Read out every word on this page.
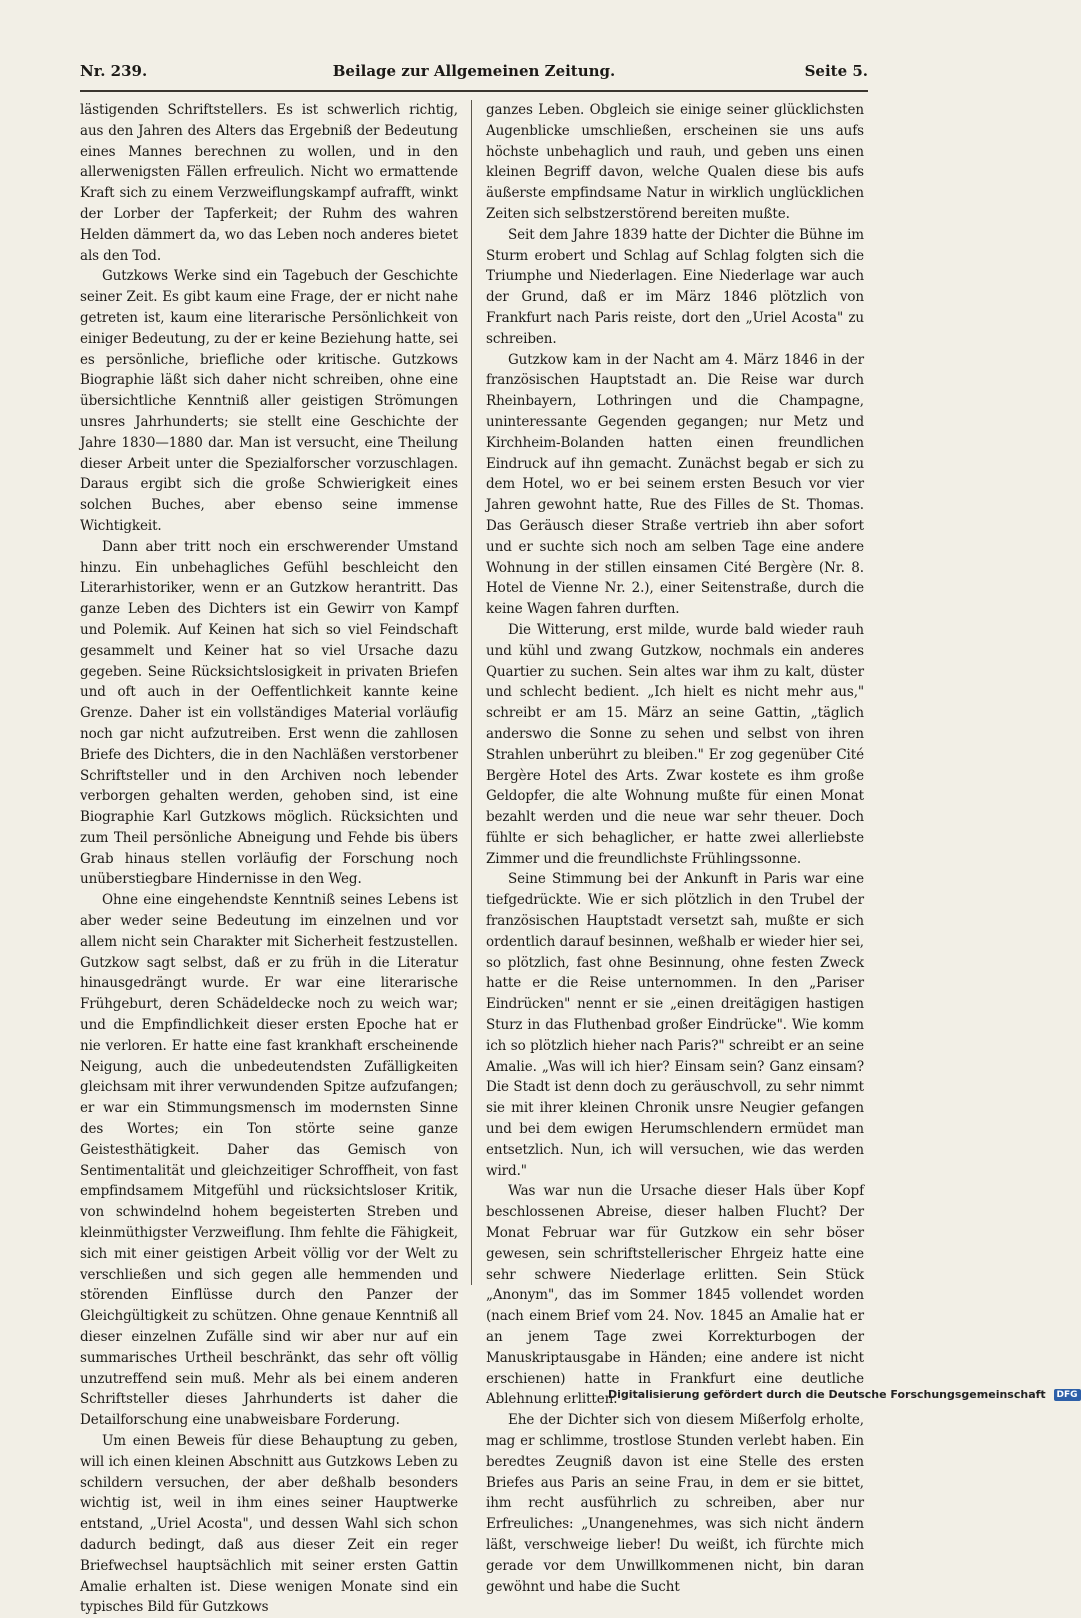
Nr. 239.	Beilage zur Allgemeinen Zeitung.	Seite 5.

lästigenden Schriftstellers. Es ist schwerlich richtig, aus den Jahren des Alters das Ergebniß der Bedeutung eines Mannes berechnen zu wollen, und in den allerwenigsten Fällen erfreulich. Nicht wo ermattende Kraft sich zu einem Verzweiflungskampf aufrafft, winkt der Lorber der Tapferkeit; der Ruhm des wahren Helden dämmert da, wo das Leben noch anderes bietet als den Tod.

Gutzkows Werke sind ein Tagebuch der Geschichte seiner Zeit. Es gibt kaum eine Frage, der er nicht nahe getreten ist, kaum eine literarische Persönlichkeit von einiger Bedeutung, zu der er keine Beziehung hatte, sei es persönliche, briefliche oder kritische. Gutzkows Biographie läßt sich daher nicht schreiben, ohne eine übersichtliche Kenntniß aller geistigen Strömungen unsres Jahrhunderts; sie stellt eine Geschichte der Jahre 1830—1880 dar. Man ist versucht, eine Theilung dieser Arbeit unter die Spezialforscher vorzuschlagen. Daraus ergibt sich die große Schwierigkeit eines solchen Buches, aber ebenso seine immense Wichtigkeit.

Dann aber tritt noch ein erschwerender Umstand hinzu. Ein unbehagliches Gefühl beschleicht den Literarhistoriker, wenn er an Gutzkow herantritt. Das ganze Leben des Dichters ist ein Gewirr von Kampf und Polemik. Auf Keinen hat sich so viel Feindschaft gesammelt und Keiner hat so viel Ursache dazu gegeben. Seine Rücksichtslosigkeit in privaten Briefen und oft auch in der Oeffentlichkeit kannte keine Grenze. Daher ist ein vollständiges Material vorläufig noch gar nicht aufzutreiben. Erst wenn die zahllosen Briefe des Dichters, die in den Nachläßen verstorbener Schriftsteller und in den Archiven noch lebender verborgen gehalten werden, gehoben sind, ist eine Biographie Karl Gutzkows möglich. Rücksichten und zum Theil persönliche Abneigung und Fehde bis übers Grab hinaus stellen vorläufig der Forschung noch unüberstiegbare Hindernisse in den Weg.

Ohne eine eingehendste Kenntniß seines Lebens ist aber weder seine Bedeutung im einzelnen und vor allem nicht sein Charakter mit Sicherheit festzustellen. Gutzkow sagt selbst, daß er zu früh in die Literatur hinausgedrängt wurde. Er war eine literarische Frühgeburt, deren Schädeldecke noch zu weich war; und die Empfindlichkeit dieser ersten Epoche hat er nie verloren. Er hatte eine fast krankhaft erscheinende Neigung, auch die unbedeutendsten Zufälligkeiten gleichsam mit ihrer verwundenden Spitze aufzufangen; er war ein Stimmungsmensch im modernsten Sinne des Wortes; ein Ton störte seine ganze Geistesthätigkeit. Daher das Gemisch von Sentimentalität und gleichzeitiger Schroffheit, von fast empfindsamem Mitgefühl und rücksichtsloser Kritik, von schwindelnd hohem begeisterten Streben und kleinmüthigster Verzweiflung. Ihm fehlte die Fähigkeit, sich mit einer geistigen Arbeit völlig vor der Welt zu verschließen und sich gegen alle hemmenden und störenden Einflüsse durch den Panzer der Gleichgültigkeit zu schützen. Ohne genaue Kenntniß all dieser einzelnen Zufälle sind wir aber nur auf ein summarisches Urtheil beschränkt, das sehr oft völlig unzutreffend sein muß. Mehr als bei einem anderen Schriftsteller dieses Jahrhunderts ist daher die Detailforschung eine unabweisbare Forderung.

Um einen Beweis für diese Behauptung zu geben, will ich einen kleinen Abschnitt aus Gutzkows Leben zu schildern versuchen, der aber deßhalb besonders wichtig ist, weil in ihm eines seiner Hauptwerke entstand, „Uriel Acosta", und dessen Wahl sich schon dadurch bedingt, daß aus dieser Zeit ein reger Briefwechsel hauptsächlich mit seiner ersten Gattin Amalie erhalten ist. Diese wenigen Monate sind ein typisches Bild für Gutzkows

ganzes Leben. Obgleich sie einige seiner glücklichsten Augenblicke umschließen, erscheinen sie uns aufs höchste unbehaglich und rauh, und geben uns einen kleinen Begriff davon, welche Qualen diese bis aufs äußerste empfindsame Natur in wirklich unglücklichen Zeiten sich selbstzerstörend bereiten mußte.

Seit dem Jahre 1839 hatte der Dichter die Bühne im Sturm erobert und Schlag auf Schlag folgten sich die Triumphe und Niederlagen. Eine Niederlage war auch der Grund, daß er im März 1846 plötzlich von Frankfurt nach Paris reiste, dort den „Uriel Acosta" zu schreiben.

Gutzkow kam in der Nacht am 4. März 1846 in der französischen Hauptstadt an. Die Reise war durch Rheinbayern, Lothringen und die Champagne, uninteressante Gegenden gegangen; nur Metz und Kirchheim-Bolanden hatten einen freundlichen Eindruck auf ihn gemacht. Zunächst begab er sich zu dem Hotel, wo er bei seinem ersten Besuch vor vier Jahren gewohnt hatte, Rue des Filles de St. Thomas. Das Geräusch dieser Straße vertrieb ihn aber sofort und er suchte sich noch am selben Tage eine andere Wohnung in der stillen einsamen Cité Bergère (Nr. 8. Hotel de Vienne Nr. 2.), einer Seitenstraße, durch die keine Wagen fahren durften.

Die Witterung, erst milde, wurde bald wieder rauh und kühl und zwang Gutzkow, nochmals ein anderes Quartier zu suchen. Sein altes war ihm zu kalt, düster und schlecht bedient. „Ich hielt es nicht mehr aus," schreibt er am 15. März an seine Gattin, „täglich anderswo die Sonne zu sehen und selbst von ihren Strahlen unberührt zu bleiben." Er zog gegenüber Cité Bergère Hotel des Arts. Zwar kostete es ihm große Geldopfer, die alte Wohnung mußte für einen Monat bezahlt werden und die neue war sehr theuer. Doch fühlte er sich behaglicher, er hatte zwei allerliebste Zimmer und die freundlichste Frühlingssonne.

Seine Stimmung bei der Ankunft in Paris war eine tiefgedrückte. Wie er sich plötzlich in den Trubel der französischen Hauptstadt versetzt sah, mußte er sich ordentlich darauf besinnen, weßhalb er wieder hier sei, so plötzlich, fast ohne Besinnung, ohne festen Zweck hatte er die Reise unternommen. In den „Pariser Eindrücken" nennt er sie „einen dreitägigen hastigen Sturz in das Fluthenbad großer Eindrücke". Wie komm ich so plötzlich hieher nach Paris?" schreibt er an seine Amalie. „Was will ich hier? Einsam sein? Ganz einsam? Die Stadt ist denn doch zu geräuschvoll, zu sehr nimmt sie mit ihrer kleinen Chronik unsre Neugier gefangen und bei dem ewigen Herumschlendern ermüdet man entsetzlich. Nun, ich will versuchen, wie das werden wird."

Was war nun die Ursache dieser Hals über Kopf beschlossenen Abreise, dieser halben Flucht? Der Monat Februar war für Gutzkow ein sehr böser gewesen, sein schriftstellerischer Ehrgeiz hatte eine sehr schwere Niederlage erlitten. Sein Stück „Anonym", das im Sommer 1845 vollendet worden (nach einem Brief vom 24. Nov. 1845 an Amalie hat er an jenem Tage zwei Korrekturbogen der Manuskriptausgabe in Händen; eine andere ist nicht erschienen) hatte in Frankfurt eine deutliche Ablehnung erlitten.

Ehe der Dichter sich von diesem Mißerfolg erholte, mag er schlimme, trostlose Stunden verlebt haben. Ein beredtes Zeugniß davon ist eine Stelle des ersten Briefes aus Paris an seine Frau, in dem er sie bittet, ihm recht ausführlich zu schreiben, aber nur Erfreuliches: „Unangenehmes, was sich nicht ändern läßt, verschweige lieber! Du weißt, ich fürchte mich gerade vor dem Unwillkommenen nicht, bin daran gewöhnt und habe die Sucht

Digitalisierung gefördert durch die Deutsche Forschungsgemeinschaft DFG
